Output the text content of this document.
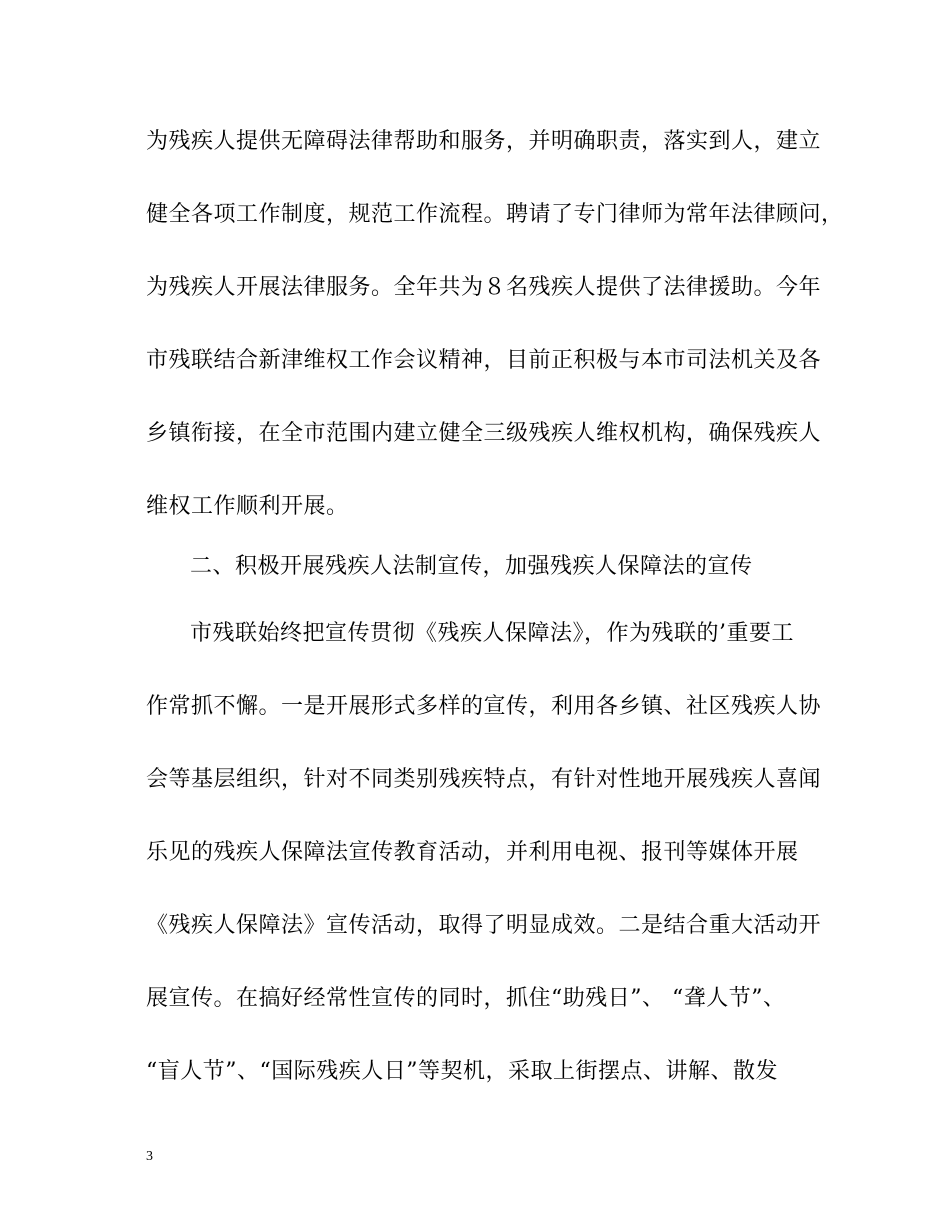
为残疾人提供无障碍法律帮助和服务，并明确职责，落实到人，建立
健全各项工作制度，规范工作流程。聘请了专门律师为常年法律顾问，
为残疾人开展法律服务。全年共为８名残疾人提供了法律援助。今年
市残联结合新津维权工作会议精神，目前正积极与本市司法机关及各
乡镇衔接，在全市范围内建立健全三级残疾人维权机构，确保残疾人
维权工作顺利开展。
二、积极开展残疾人法制宣传，加强残疾人保障法的宣传
市残联始终把宣传贯彻《残疾人保障法》，作为残联的’重要工
作常抓不懈。一是开展形式多样的宣传，利用各乡镇、社区残疾人协
会等基层组织，针对不同类别残疾特点，有针对性地开展残疾人喜闻
乐见的残疾人保障法宣传教育活动，并利用电视、报刊等媒体开展
《残疾人保障法》宣传活动，取得了明显成效。二是结合重大活动开
展宣传。在搞好经常性宣传的同时，抓住“助残日”、 “聋人节”、
“盲人节”、“国际残疾人日”等契机，采取上街摆点、讲解、散发
3
